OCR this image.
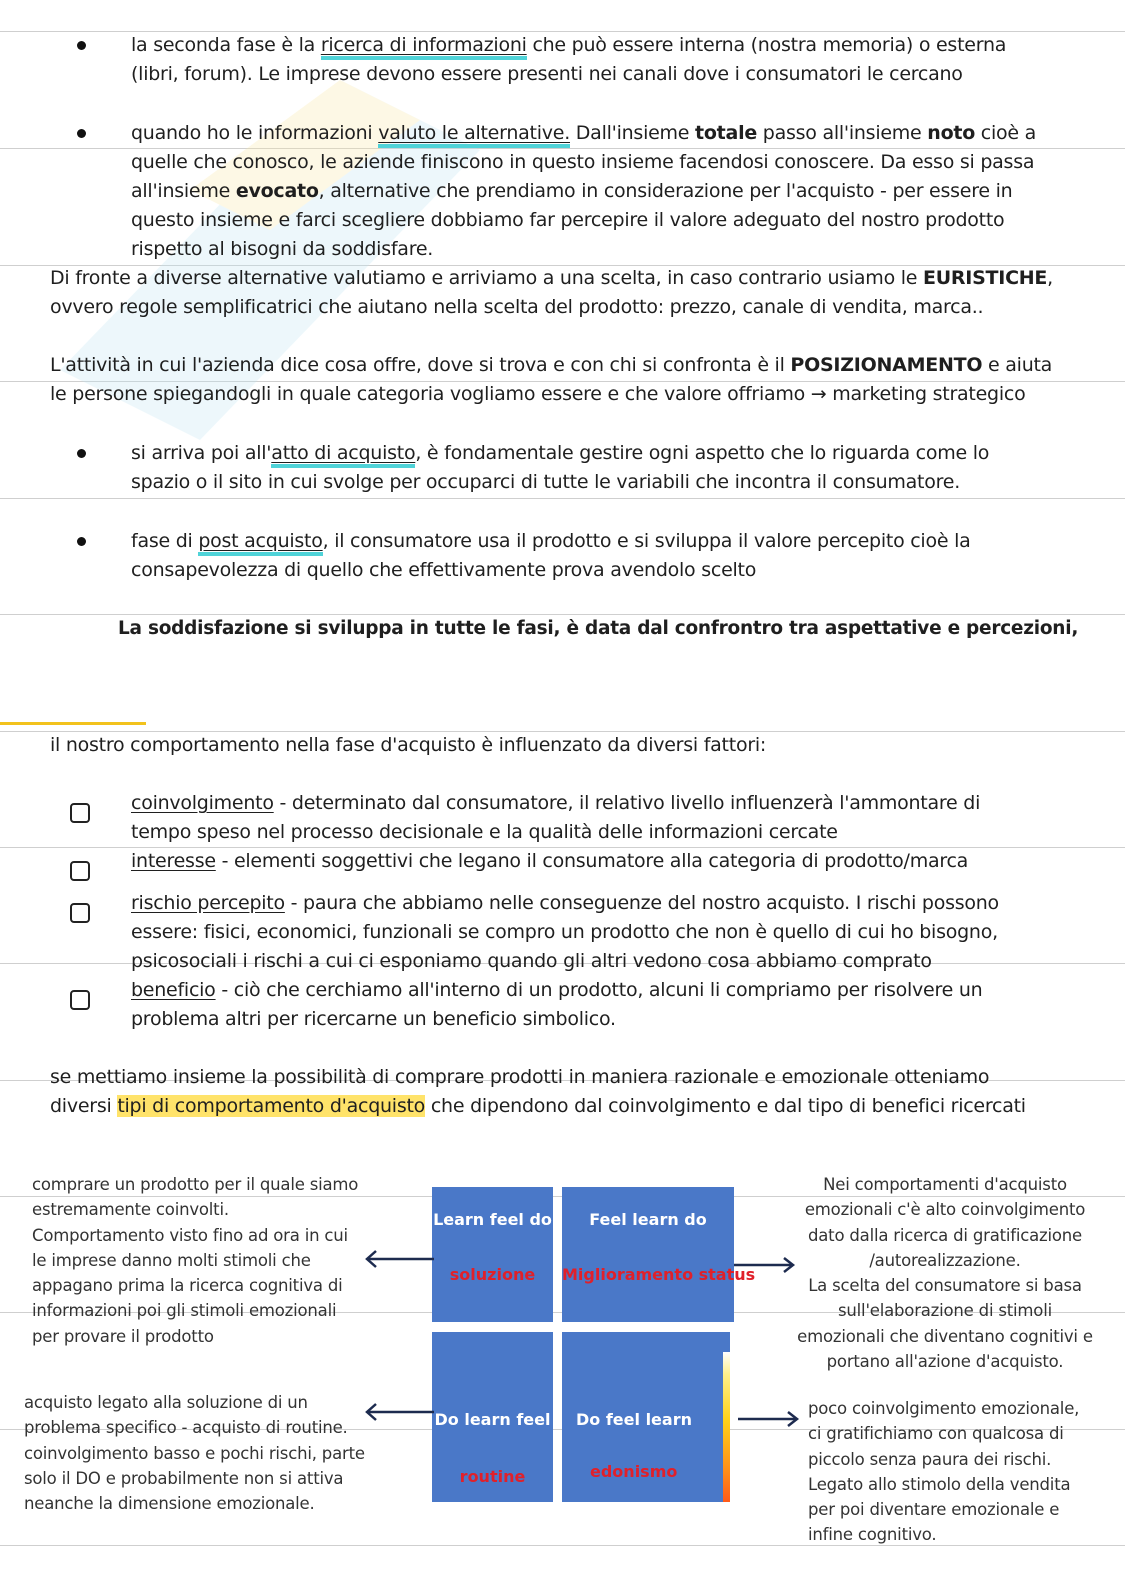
la seconda fase è la ricerca di informazioni che può essere interna (nostra memoria) o esterna
(libri, forum). Le imprese devono essere presenti nei canali dove i consumatori le cercano
quando ho le informazioni valuto le alternative. Dall'insieme totale passo all'insieme noto cioè a
quelle che conosco, le aziende finiscono in questo insieme facendosi conoscere. Da esso si passa
all'insieme evocato, alternative che prendiamo in considerazione per l'acquisto - per essere in
questo insieme e farci scegliere dobbiamo far percepire il valore adeguato del nostro prodotto
rispetto al bisogni da soddisfare.
Di fronte a diverse alternative valutiamo e arriviamo a una scelta, in caso contrario usiamo le EURISTICHE,
ovvero regole semplificatrici che aiutano nella scelta del prodotto: prezzo, canale di vendita, marca..
L'attività in cui l'azienda dice cosa offre, dove si trova e con chi si confronta è il POSIZIONAMENTO e aiuta
le persone spiegandogli in quale categoria vogliamo essere e che valore offriamo → marketing strategico
si arriva poi all'atto di acquisto, è fondamentale gestire ogni aspetto che lo riguarda come lo
spazio o il sito in cui svolge per occuparci di tutte le variabili che incontra il consumatore.
fase di post acquisto, il consumatore usa il prodotto e si sviluppa il valore percepito cioè la
consapevolezza di quello che effettivamente prova avendolo scelto
La soddisfazione si sviluppa in tutte le fasi, è data dal confrontro tra aspettative e percezioni,
il nostro comportamento nella fase d'acquisto è influenzato da diversi fattori:
coinvolgimento - determinato dal consumatore, il relativo livello influenzerà l'ammontare di
tempo speso nel processo decisionale e la qualità delle informazioni cercate
interesse - elementi soggettivi che legano il consumatore alla categoria di prodotto/marca
rischio percepito - paura che abbiamo nelle conseguenze del nostro acquisto. I rischi possono
essere: fisici, economici, funzionali se compro un prodotto che non è quello di cui ho bisogno,
psicosociali i rischi a cui ci esponiamo quando gli altri vedono cosa abbiamo comprato
beneficio - ciò che cerchiamo all'interno di un prodotto, alcuni li compriamo per risolvere un
problema altri per ricercarne un beneficio simbolico.
se mettiamo insieme la possibilità di comprare prodotti in maniera razionale e emozionale otteniamo
diversi tipi di comportamento d'acquisto che dipendono dal coinvolgimento e dal tipo di benefici ricercati
Learn feel do
soluzione
Feel learn do
Miglioramento status
Do learn feel
routine
Do feel learn
edonismo
comprare un prodotto per il quale siamo
estremamente coinvolti.
Comportamento visto fino ad ora in cui
le imprese danno molti stimoli che
appagano prima la ricerca cognitiva di
informazioni poi gli stimoli emozionali
per provare il prodotto
acquisto legato alla soluzione di un
problema specifico - acquisto di routine.
coinvolgimento basso e pochi rischi, parte
solo il DO e probabilmente non si attiva
neanche la dimensione emozionale.
Nei comportamenti d'acquisto
emozionali c'è alto coinvolgimento
dato dalla ricerca di gratificazione
/autorealizzazione.
La scelta del consumatore si basa
sull'elaborazione di stimoli
emozionali che diventano cognitivi e
portano all'azione d'acquisto.
poco coinvolgimento emozionale,
ci gratifichiamo con qualcosa di
piccolo senza paura dei rischi.
Legato allo stimolo della vendita
per poi diventare emozionale e
infine cognitivo.
